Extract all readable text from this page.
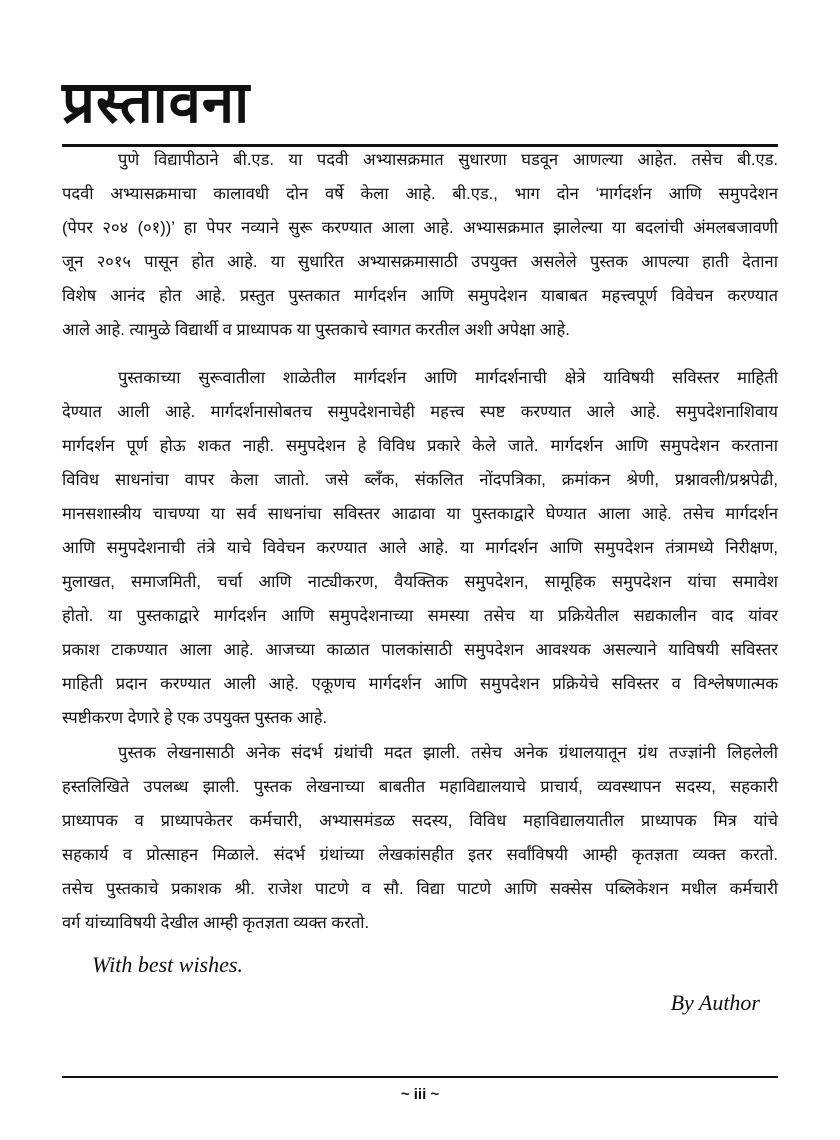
प्रस्तावना
पुणे विद्यापीठाने बी.एड. या पदवी अभ्यासक्रमात सुधारणा घडवून आणल्या आहेत. तसेच बी.एड.
पदवी अभ्यासक्रमाचा कालावधी दोन वर्षे केला आहे. बी.एड., भाग दोन ‘मार्गदर्शन आणि समुपदेशन
(पेपर २०४ (०१))’ हा पेपर नव्याने सुरू करण्यात आला आहे. अभ्यासक्रमात झालेल्या या बदलांची अंमलबजावणी
जून २०१५ पासून होत आहे. या सुधारित अभ्यासक्रमासाठी उपयुक्त असलेले पुस्तक आपल्या हाती देताना
विशेष आनंद होत आहे. प्रस्तुत पुस्तकात मार्गदर्शन आणि समुपदेशन याबाबत महत्त्वपूर्ण विवेचन करण्यात
आले आहे. त्यामुळे विद्यार्थी व प्राध्यापक या पुस्तकाचे स्वागत करतील अशी अपेक्षा आहे.
पुस्तकाच्या सुरूवातीला शाळेतील मार्गदर्शन आणि मार्गदर्शनाची क्षेत्रे याविषयी सविस्तर माहिती
देण्यात आली आहे. मार्गदर्शनासोबतच समुपदेशनाचेही महत्त्व स्पष्ट करण्यात आले आहे. समुपदेशनाशिवाय
मार्गदर्शन पूर्ण होऊ शकत नाही. समुपदेशन हे विविध प्रकारे केले जाते. मार्गदर्शन आणि समुपदेशन करताना
विविध साधनांचा वापर केला जातो. जसे ब्लँक, संकलित नोंदपत्रिका, क्रमांकन श्रेणी, प्रश्नावली/प्रश्नपेढी,
मानसशास्त्रीय चाचण्या या सर्व साधनांचा सविस्तर आढावा या पुस्तकाद्वारे घेण्यात आला आहे. तसेच मार्गदर्शन
आणि समुपदेशनाची तंत्रे याचे विवेचन करण्यात आले आहे. या मार्गदर्शन आणि समुपदेशन तंत्रामध्ये निरीक्षण,
मुलाखत, समाजमिती, चर्चा आणि नाट्यीकरण, वैयक्तिक समुपदेशन, सामूहिक समुपदेशन यांचा समावेश
होतो. या पुस्तकाद्वारे मार्गदर्शन आणि समुपदेशनाच्या समस्या तसेच या प्रक्रियेतील सद्यकालीन वाद यांवर
प्रकाश टाकण्यात आला आहे. आजच्या काळात पालकांसाठी समुपदेशन आवश्यक असल्याने याविषयी सविस्तर
माहिती प्रदान करण्यात आली आहे. एकूणच मार्गदर्शन आणि समुपदेशन प्रक्रियेचे सविस्तर व विश्लेषणात्मक
स्पष्टीकरण देणारे हे एक उपयुक्त पुस्तक आहे.
पुस्तक लेखनासाठी अनेक संदर्भ ग्रंथांची मदत झाली. तसेच अनेक ग्रंथालयातून ग्रंथ तज्ज्ञांनी लिहलेली
हस्तलिखिते उपलब्ध झाली. पुस्तक लेखनाच्या बाबतीत महाविद्यालयाचे प्राचार्य, व्यवस्थापन सदस्य, सहकारी
प्राध्यापक व प्राध्यापकेतर कर्मचारी, अभ्यासमंडळ सदस्य, विविध महाविद्यालयातील प्राध्यापक मित्र यांचे
सहकार्य व प्रोत्साहन मिळाले. संदर्भ ग्रंथांच्या लेखकांसहीत इतर सर्वांविषयी आम्ही कृतज्ञता व्यक्त करतो.
तसेच पुस्तकाचे प्रकाशक श्री. राजेश पाटणे व सौ. विद्या पाटणे आणि सक्सेस पब्लिकेशन मधील कर्मचारी
वर्ग यांच्याविषयी देखील आम्ही कृतज्ञता व्यक्त करतो.
With best wishes.
By Author
~ iii ~
